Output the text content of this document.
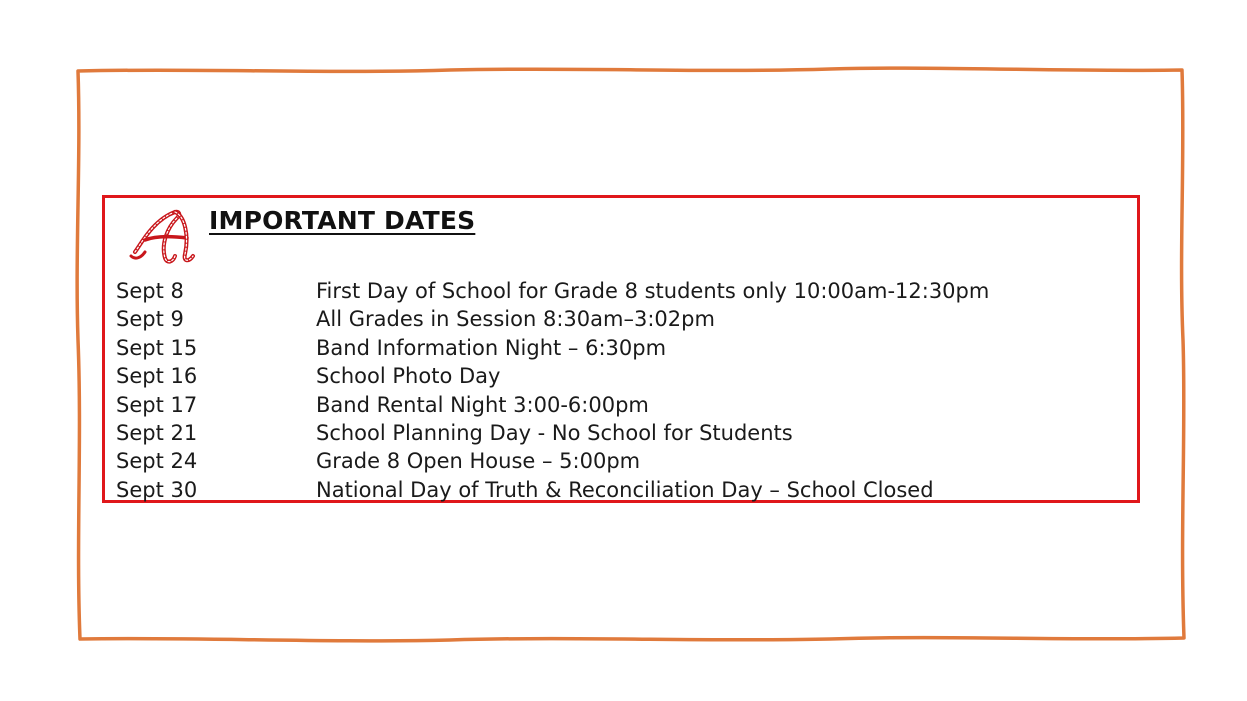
IMPORTANT DATES
Sept 8	First Day of School for Grade 8 students only 10:00am-12:30pm
Sept 9	All Grades in Session 8:30am–3:02pm
Sept 15	Band Information Night – 6:30pm
Sept 16	School Photo Day
Sept 17	Band Rental Night 3:00-6:00pm
Sept 21	School Planning Day - No School for Students
Sept 24	Grade 8 Open House – 5:00pm
Sept 30	National Day of Truth & Reconciliation Day – School Closed
